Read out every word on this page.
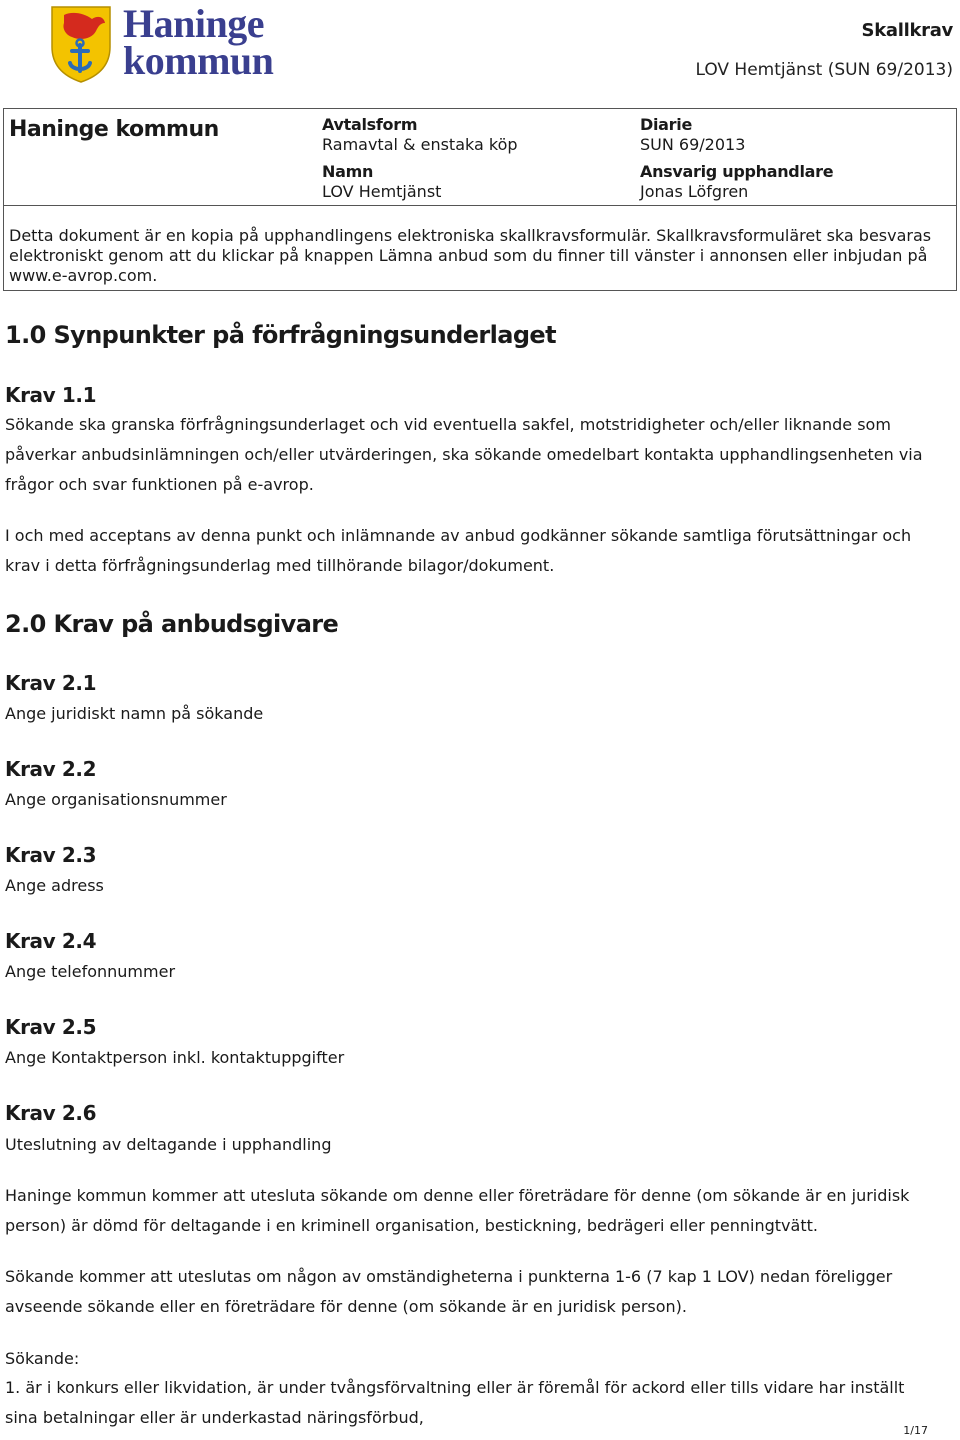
Haninge
kommun
Skallkrav
LOV Hemtjänst (SUN 69/2013)
Haninge kommun	Avtalsform
Ramavtal & enstaka köp
Namn
LOV Hemtjänst
Diarie
SUN 69/2013
Ansvarig upphandlare
Jonas Löfgren
Detta dokument är en kopia på upphandlingens elektroniska skallkravsformulär. Skallkravsformuläret ska besvaras elektroniskt genom att du klickar på knappen Lämna anbud som du finner till vänster i annonsen eller inbjudan på www.e-avrop.com.
1.0 Synpunkter på förfrågningsunderlaget
Krav 1.1
Sökande ska granska förfrågningsunderlaget och vid eventuella sakfel, motstridigheter och/eller liknande som påverkar anbudsinlämningen och/eller utvärderingen, ska sökande omedelbart kontakta upphandlingsenheten via frågor och svar funktionen på e-avrop.
I och med acceptans av denna punkt och inlämnande av anbud godkänner sökande samtliga förutsättningar och krav i detta förfrågningsunderlag med tillhörande bilagor/dokument.
2.0 Krav på anbudsgivare
Krav 2.1
Ange juridiskt namn på sökande
Krav 2.2
Ange organisationsnummer
Krav 2.3
Ange adress
Krav 2.4
Ange telefonnummer
Krav 2.5
Ange Kontaktperson inkl. kontaktuppgifter
Krav 2.6
Uteslutning av deltagande i upphandling
Haninge kommun kommer att utesluta sökande om denne eller företrädare för denne (om sökande är en juridisk person) är dömd för deltagande i en kriminell organisation, bestickning, bedrägeri eller penningtvätt.
Sökande kommer att uteslutas om någon av omständigheterna i punkterna 1-6 (7 kap 1 LOV) nedan föreligger avseende sökande eller en företrädare för denne (om sökande är en juridisk person).
Sökande:
1. är i konkurs eller likvidation, är under tvångsförvaltning eller är föremål för ackord eller tills vidare har inställt sina betalningar eller är underkastad näringsförbud,
1/17
